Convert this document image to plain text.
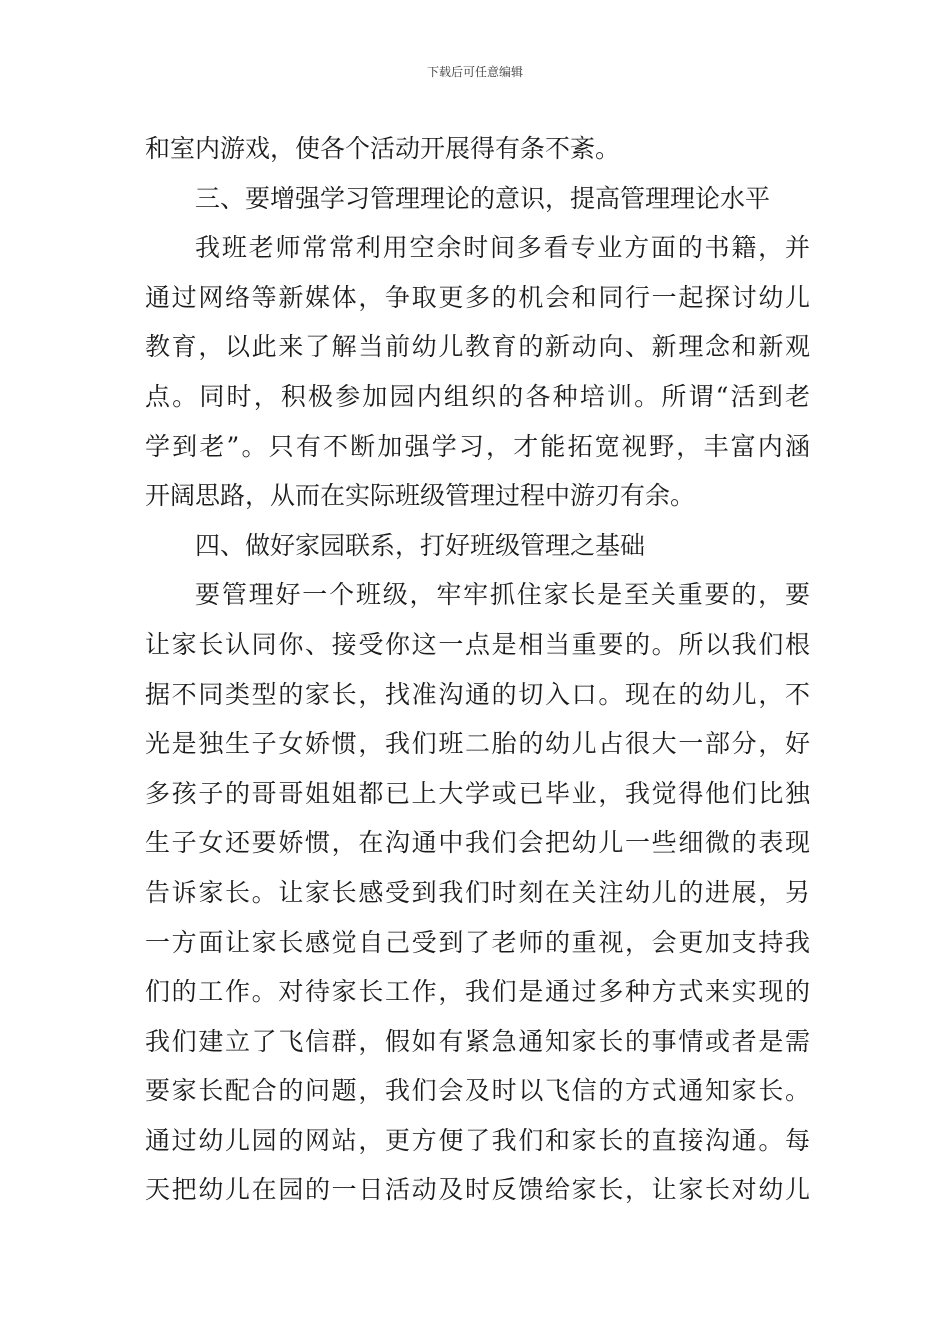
下载后可任意编辑
和室内游戏，使各个活动开展得有条不紊。
三、要增强学习管理理论的意识，提高管理理论水平
我班老师常常利用空余时间多看专业方面的书籍，并
通过网络等新媒体，争取更多的机会和同行一起探讨幼儿
教育，以此来了解当前幼儿教育的新动向、新理念和新观
点。同时，积极参加园内组织的各种培训。所谓“活到老
学到老”。只有不断加强学习，才能拓宽视野，丰富内涵
开阔思路，从而在实际班级管理过程中游刃有余。
四、做好家园联系，打好班级管理之基础
要管理好一个班级，牢牢抓住家长是至关重要的，要
让家长认同你、接受你这一点是相当重要的。所以我们根
据不同类型的家长，找准沟通的切入口。现在的幼儿，不
光是独生子女娇惯，我们班二胎的幼儿占很大一部分，好
多孩子的哥哥姐姐都已上大学或已毕业，我觉得他们比独
生子女还要娇惯，在沟通中我们会把幼儿一些细微的表现
告诉家长。让家长感受到我们时刻在关注幼儿的进展，另
一方面让家长感觉自己受到了老师的重视，会更加支持我
们的工作。对待家长工作，我们是通过多种方式来实现的
我们建立了飞信群，假如有紧急通知家长的事情或者是需
要家长配合的问题，我们会及时以飞信的方式通知家长。
通过幼儿园的网站，更方便了我们和家长的直接沟通。每
天把幼儿在园的一日活动及时反馈给家长，让家长对幼儿
